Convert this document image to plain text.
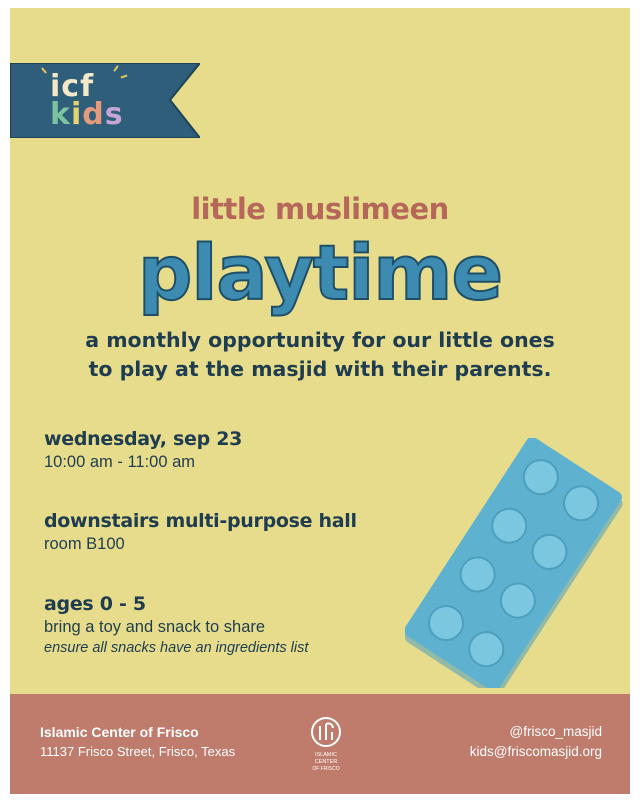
icf
kids
little muslimeen
playtime
a monthly opportunity for our little ones
to play at the masjid with their parents.
wednesday, sep 23
10:00 am - 11:00 am
downstairs multi-purpose hall
room B100
ages 0 - 5
bring a toy and snack to share
ensure all snacks have an ingredients list
Islamic Center of Frisco
11137 Frisco Street, Frisco, Texas	ISLAMIC
CENTER
OF FRISCO
@frisco_masjid
kids@friscomasjid.org
